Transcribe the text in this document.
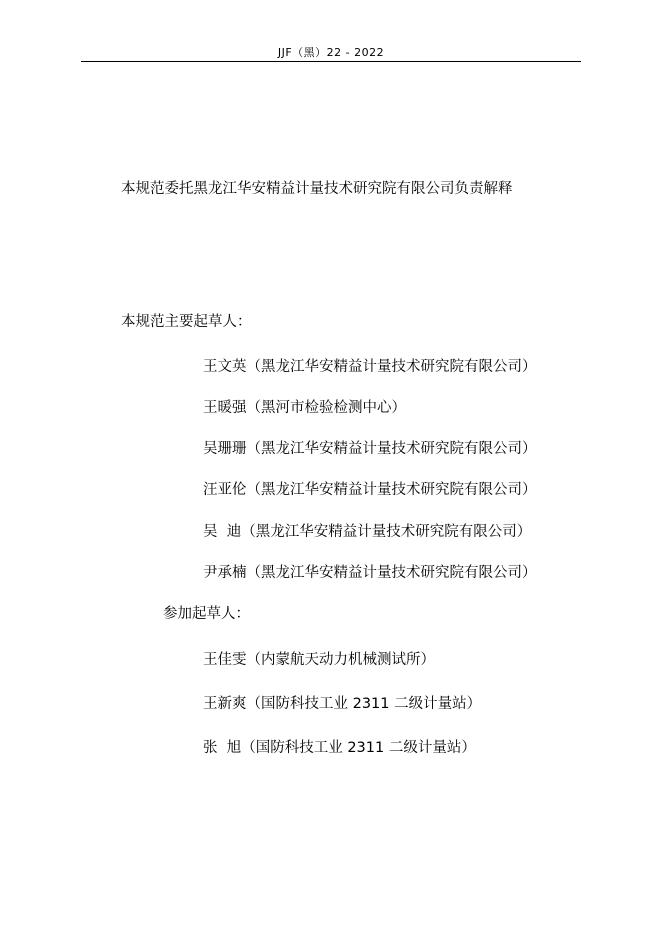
JJF（黑）22 - 2022
本规范委托黑龙江华安精益计量技术研究院有限公司负责解释
本规范主要起草人：
王文英（黑龙江华安精益计量技术研究院有限公司）
王暖强（黑河市检验检测中心）
吴珊珊（黑龙江华安精益计量技术研究院有限公司）
汪亚伦（黑龙江华安精益计量技术研究院有限公司）
吴  迪（黑龙江华安精益计量技术研究院有限公司）
尹承楠（黑龙江华安精益计量技术研究院有限公司）
参加起草人：
王佳雯（内蒙航天动力机械测试所）
王新爽（国防科技工业 2311 二级计量站）
张  旭（国防科技工业 2311 二级计量站）
